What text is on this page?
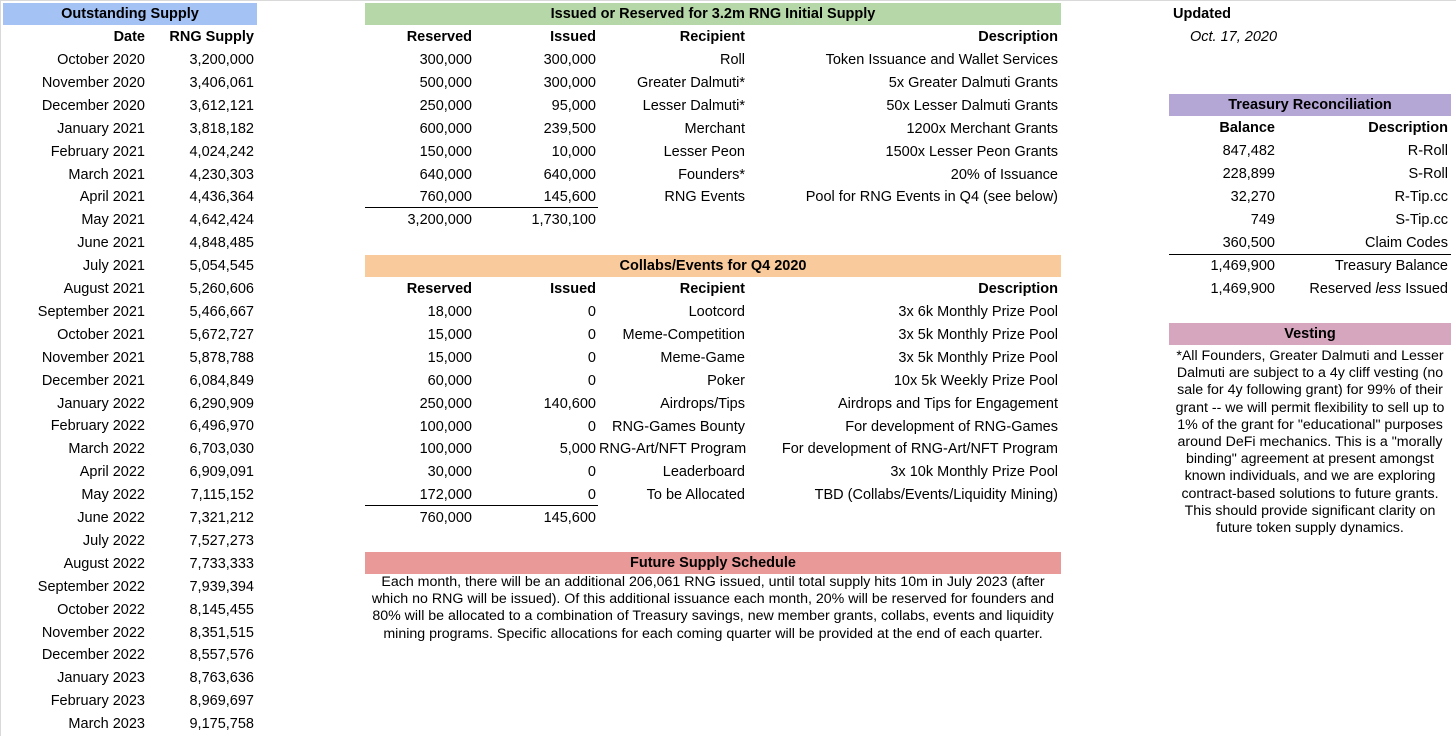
Outstanding Supply
Date	RNG Supply
October 2020	3,200,000
November 2020	3,406,061
December 2020	3,612,121
January 2021	3,818,182
February 2021	4,024,242
March 2021	4,230,303
April 2021	4,436,364
May 2021	4,642,424
June 2021	4,848,485
July 2021	5,054,545
August 2021	5,260,606
September 2021	5,466,667
October 2021	5,672,727
November 2021	5,878,788
December 2021	6,084,849
January 2022	6,290,909
February 2022	6,496,970
March 2022	6,703,030
April 2022	6,909,091
May 2022	7,115,152
June 2022	7,321,212
July 2022	7,527,273
August 2022	7,733,333
September 2022	7,939,394
October 2022	8,145,455
November 2022	8,351,515
December 2022	8,557,576
January 2023	8,763,636
February 2023	8,969,697
March 2023	9,175,758
Issued or Reserved for 3.2m RNG Initial Supply
Reserved	Issued	Recipient	Description
300,000	300,000	Roll	Token Issuance and Wallet Services
500,000	300,000	Greater Dalmuti*	5x Greater Dalmuti Grants
250,000	95,000	Lesser Dalmuti*	50x Lesser Dalmuti Grants
600,000	239,500	Merchant	1200x Merchant Grants
150,000	10,000	Lesser Peon	1500x Lesser Peon Grants
640,000	640,000	Founders*	20% of Issuance
760,000	145,600	RNG Events	Pool for RNG Events in Q4 (see below)
3,200,000	1,730,100
Collabs/Events for Q4 2020
Reserved	Issued	Recipient	Description
18,000	0	Lootcord	3x 6k Monthly Prize Pool
15,000	0	Meme-Competition	3x 5k Monthly Prize Pool
15,000	0	Meme-Game	3x 5k Monthly Prize Pool
60,000	0	Poker	10x 5k Weekly Prize Pool
250,000	140,600	Airdrops/Tips	Airdrops and Tips for Engagement
100,000	0	RNG-Games Bounty	For development of RNG-Games
100,000	5,000 RNG-Art/NFT Program	For development of RNG-Art/NFT Program
30,000	0	Leaderboard	3x 10k Monthly Prize Pool
172,000	0	To be Allocated	TBD (Collabs/Events/Liquidity Mining)
760,000	145,600
Future Supply Schedule
Each month, there will be an additional 206,061 RNG issued, until total supply hits 10m in July 2023 (after
which no RNG will be issued). Of this additional issuance each month, 20% will be reserved for founders and
80% will be allocated to a combination of Treasury savings, new member grants, collabs, events and liquidity
mining programs. Specific allocations for each coming quarter will be provided at the end of each quarter.
Updated
Oct. 17, 2020
Treasury Reconciliation
Balance	Description
847,482	R-Roll
228,899	S-Roll
32,270	R-Tip.cc
749	S-Tip.cc
360,500	Claim Codes
1,469,900	Treasury Balance
1,469,900	Reserved less Issued
Vesting
*All Founders, Greater Dalmuti and Lesser
Dalmuti are subject to a 4y cliff vesting (no
sale for 4y following grant) for 99% of their
grant -- we will permit flexibility to sell up to
1% of the grant for "educational" purposes
around DeFi mechanics. This is a "morally
binding" agreement at present amongst
known individuals, and we are exploring
contract-based solutions to future grants.
This should provide significant clarity on
future token supply dynamics.
